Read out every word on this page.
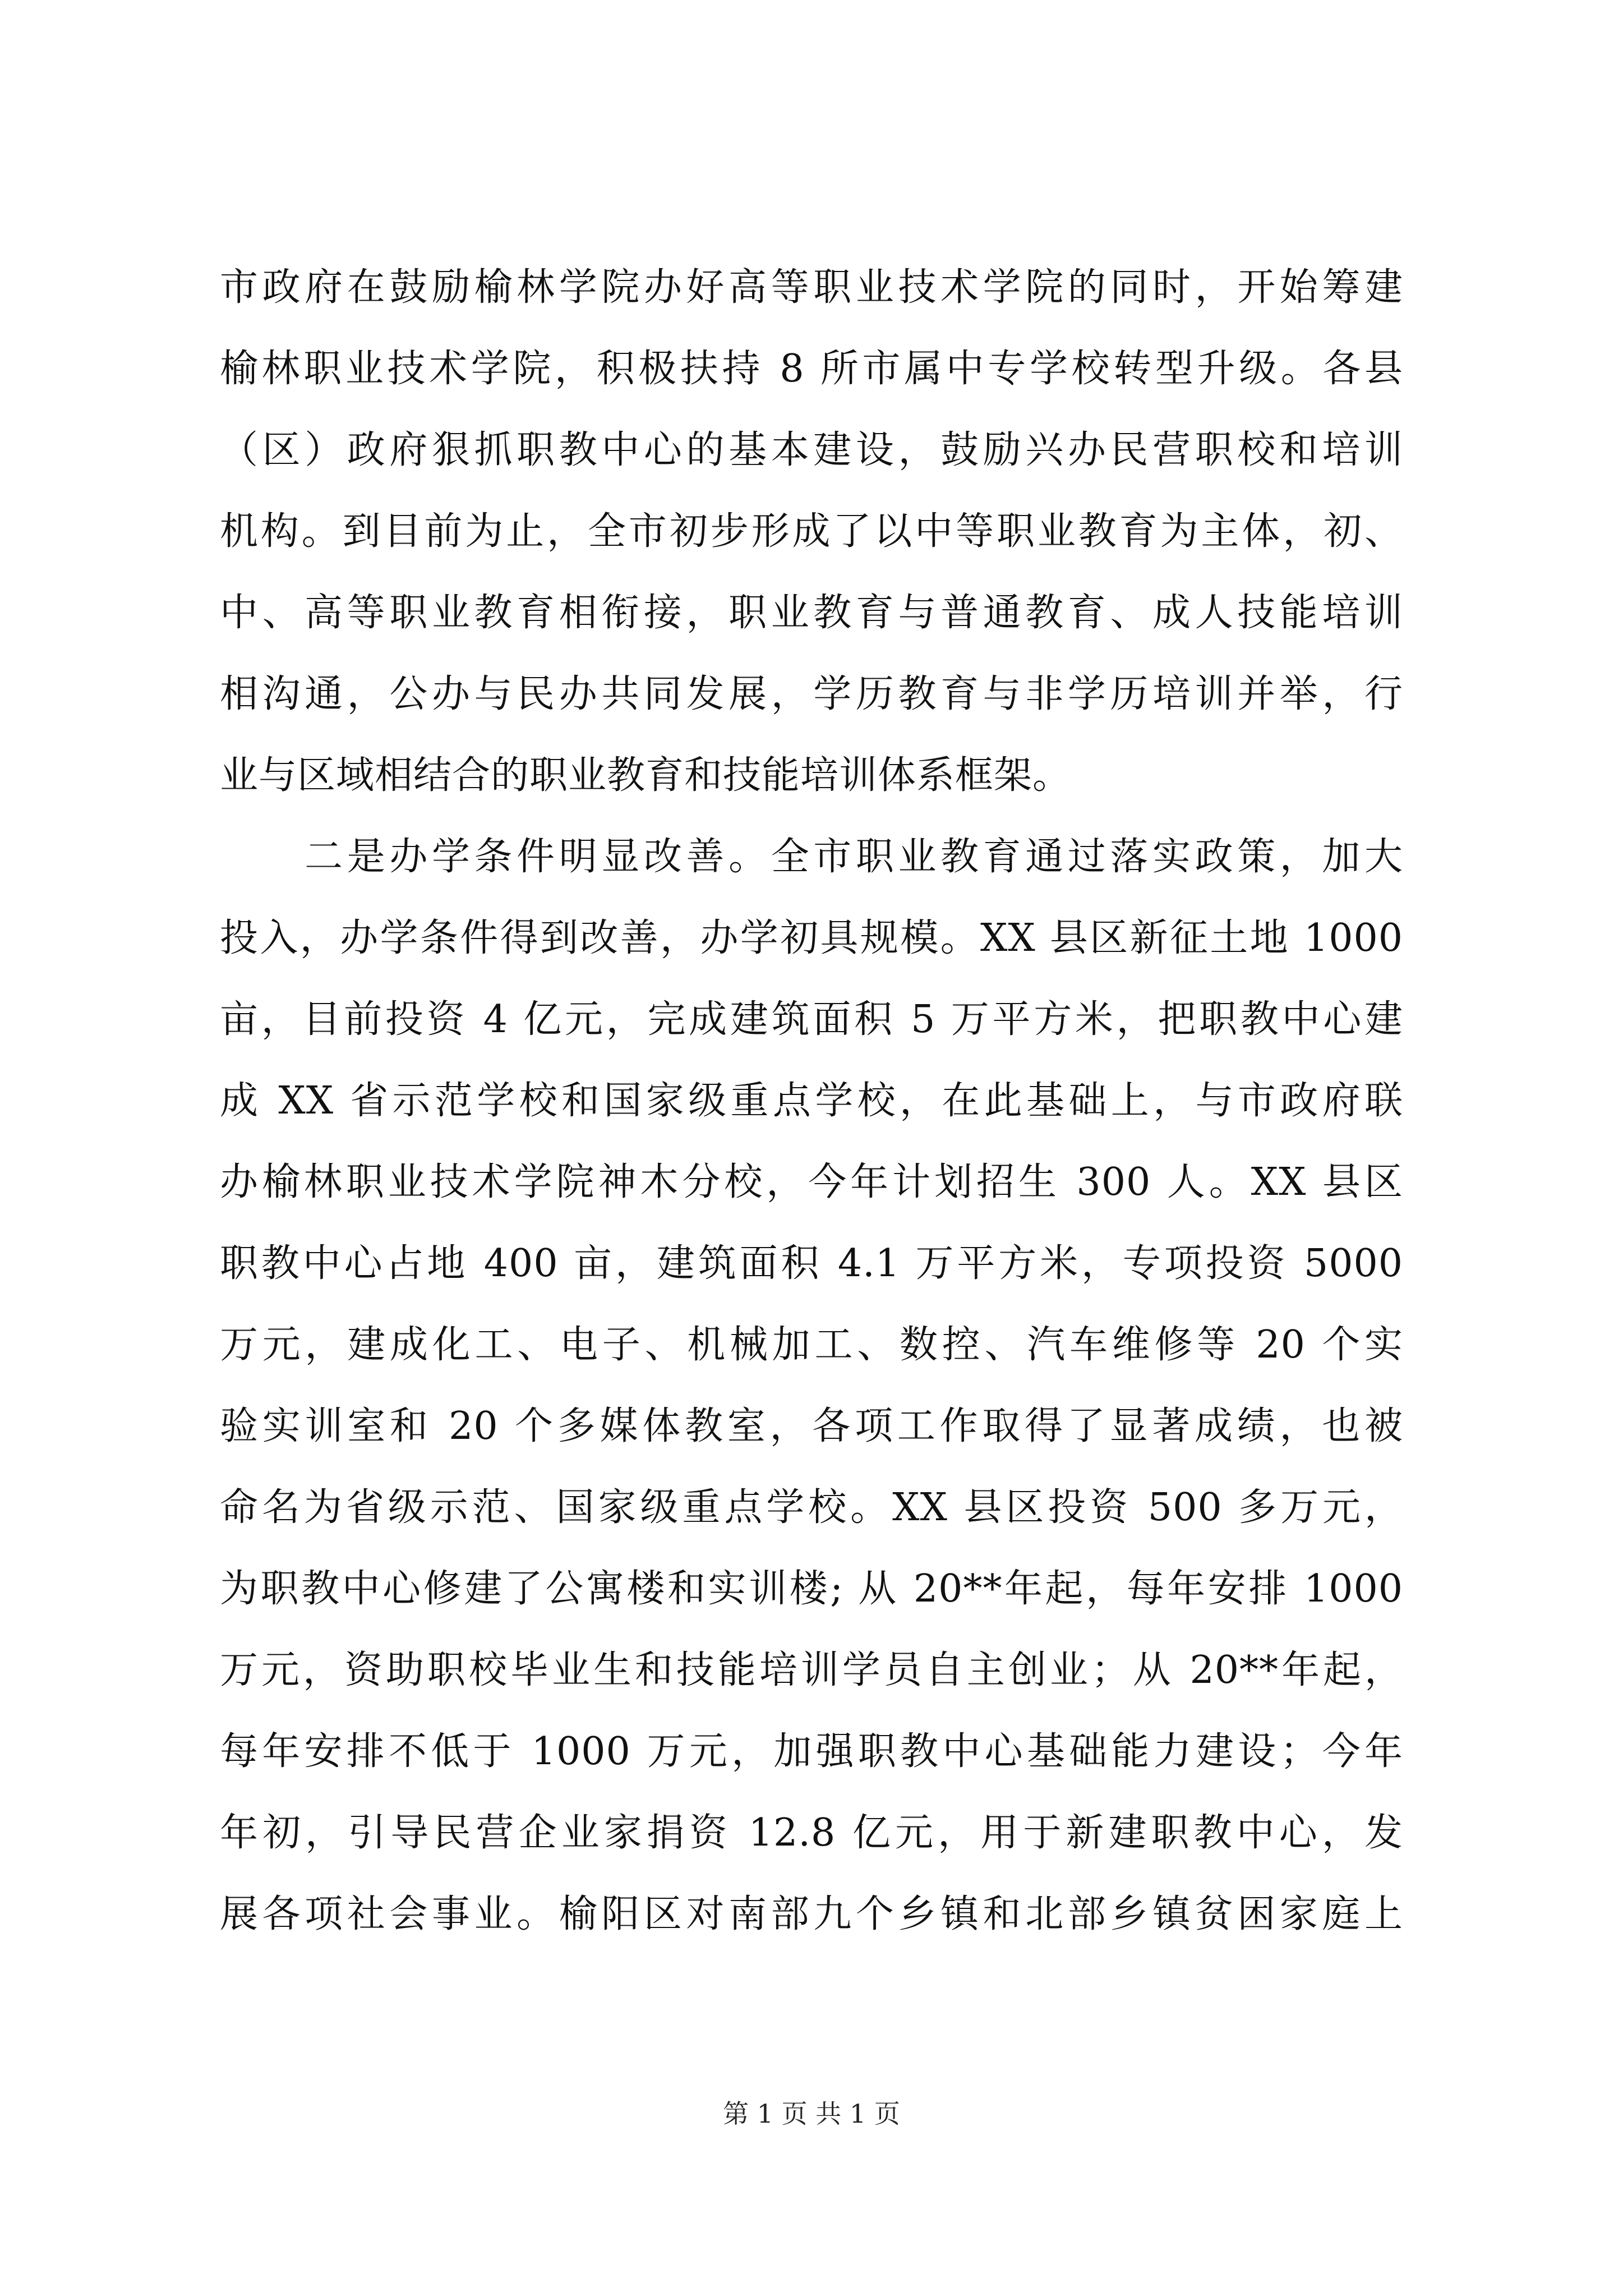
市政府在鼓励榆林学院办好高等职业技术学院的同时，开始筹建
榆林职业技术学院，积极扶持 8 所市属中专学校转型升级。各县
（区）政府狠抓职教中心的基本建设，鼓励兴办民营职校和培训
机构。到目前为止，全市初步形成了以中等职业教育为主体，初、
中、高等职业教育相衔接，职业教育与普通教育、成人技能培训
相沟通，公办与民办共同发展，学历教育与非学历培训并举，行
业与区域相结合的职业教育和技能培训体系框架。
　　二是办学条件明显改善。全市职业教育通过落实政策，加大
投入，办学条件得到改善，办学初具规模。XX 县区新征土地 1000
亩，目前投资 4 亿元，完成建筑面积 5 万平方米，把职教中心建
成 XX 省示范学校和国家级重点学校，在此基础上，与市政府联
办榆林职业技术学院神木分校，今年计划招生 300 人。XX 县区
职教中心占地 400 亩，建筑面积 4.1 万平方米，专项投资 5000
万元，建成化工、电子、机械加工、数控、汽车维修等 20 个实
验实训室和 20 个多媒体教室，各项工作取得了显著成绩，也被
命名为省级示范、国家级重点学校。XX 县区投资 500 多万元，
为职教中心修建了公寓楼和实训楼; 从 20**年起，每年安排 1000
万元，资助职校毕业生和技能培训学员自主创业；从 20**年起，
每年安排不低于 1000 万元，加强职教中心基础能力建设；今年
年初，引导民营企业家捐资 12.8 亿元，用于新建职教中心，发
展各项社会事业。榆阳区对南部九个乡镇和北部乡镇贫困家庭上
第 1 页 共 1 页
